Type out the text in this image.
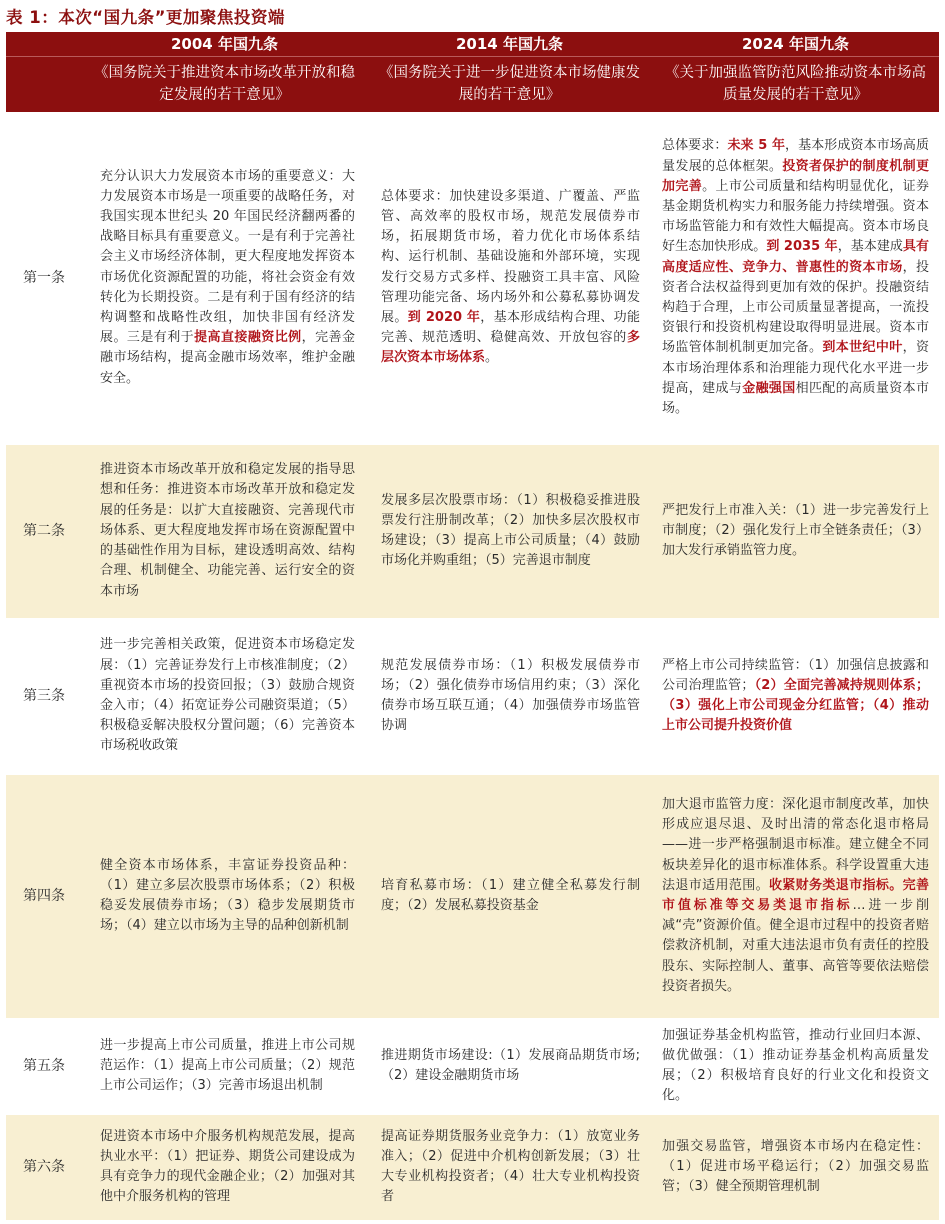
表 1：本次“国九条”更加聚焦投资端
	2004 年国九条	2014 年国九条	2024 年国九条
	《国务院关于推进资本市场改革开放和稳定发展的若干意见》	《国务院关于进一步促进资本市场健康发展的若干意见》	《关于加强监管防范风险推动资本市场高质量发展的若干意见》
第一条	充分认识大力发展资本市场的重要意义：大力发展资本市场是一项重要的战略任务，对我国实现本世纪头 20 年国民经济翻两番的战略目标具有重要意义。一是有利于完善社会主义市场经济体制，更大程度地发挥资本市场优化资源配置的功能，将社会资金有效转化为长期投资。二是有利于国有经济的结构调整和战略性改组，加快非国有经济发展。三是有利于提高直接融资比例，完善金融市场结构，提高金融市场效率，维护金融安全。	总体要求：加快建设多渠道、广覆盖、严监管、高效率的股权市场，规范发展债券市场，拓展期货市场，着力优化市场体系结构、运行机制、基础设施和外部环境，实现发行交易方式多样、投融资工具丰富、风险管理功能完备、场内场外和公募私募协调发展。到 2020 年，基本形成结构合理、功能完善、规范透明、稳健高效、开放包容的多层次资本市场体系。	总体要求：未来 5 年，基本形成资本市场高质量发展的总体框架。投资者保护的制度机制更加完善。上市公司质量和结构明显优化，证券基金期货机构实力和服务能力持续增强。资本市场监管能力和有效性大幅提高。资本市场良好生态加快形成。到 2035 年，基本建成具有高度适应性、竞争力、普惠性的资本市场，投资者合法权益得到更加有效的保护。投融资结构趋于合理，上市公司质量显著提高，一流投资银行和投资机构建设取得明显进展。资本市场监管体制机制更加完备。到本世纪中叶，资本市场治理体系和治理能力现代化水平进一步提高，建成与金融强国相匹配的高质量资本市场。
第二条	推进资本市场改革开放和稳定发展的指导思想和任务：推进资本市场改革开放和稳定发展的任务是：以扩大直接融资、完善现代市场体系、更大程度地发挥市场在资源配置中的基础性作用为目标，建设透明高效、结构合理、机制健全、功能完善、运行安全的资本市场	发展多层次股票市场：（1）积极稳妥推进股票发行注册制改革；（2）加快多层次股权市场建设；（3）提高上市公司质量；（4）鼓励市场化并购重组；（5）完善退市制度	严把发行上市准入关：（1）进一步完善发行上市制度；（2）强化发行上市全链条责任；（3）加大发行承销监管力度。
第三条	进一步完善相关政策，促进资本市场稳定发展：（1）完善证券发行上市核准制度；（2）重视资本市场的投资回报；（3）鼓励合规资金入市；（4）拓宽证券公司融资渠道；（5）积极稳妥解决股权分置问题；（6）完善资本市场税收政策	规范发展债券市场：（1）积极发展债券市场；（2）强化债券市场信用约束；（3）深化债券市场互联互通；（4）加强债券市场监管协调	严格上市公司持续监管：（1）加强信息披露和公司治理监管；（2）全面完善减持规则体系；（3）强化上市公司现金分红监管；（4）推动上市公司提升投资价值
第四条	健全资本市场体系，丰富证券投资品种：（1）建立多层次股票市场体系；（2）积极稳妥发展债券市场；（3）稳步发展期货市场；（4）建立以市场为主导的品种创新机制	培育私募市场：（1）建立健全私募发行制度；（2）发展私募投资基金	加大退市监管力度：深化退市制度改革，加快形成应退尽退、及时出清的常态化退市格局——进一步严格强制退市标准。建立健全不同板块差异化的退市标准体系。科学设置重大违法退市适用范围。收紧财务类退市指标。完善市值标准等交易类退市指标…进一步削减“壳”资源价值。健全退市过程中的投资者赔偿救济机制，对重大违法退市负有责任的控股股东、实际控制人、董事、高管等要依法赔偿投资者损失。
第五条	进一步提高上市公司质量，推进上市公司规范运作：（1）提高上市公司质量；（2）规范上市公司运作；（3）完善市场退出机制	推进期货市场建设:（1）发展商品期货市场;（2）建设金融期货市场	加强证券基金机构监管，推动行业回归本源、做优做强：（1）推动证券基金机构高质量发展；（2）积极培育良好的行业文化和投资文化。
第六条	促进资本市场中介服务机构规范发展，提高执业水平：（1）把证券、期货公司建设成为具有竞争力的现代金融企业；（2）加强对其他中介服务机构的管理	提高证券期货服务业竞争力：（1）放宽业务准入；（2）促进中介机构创新发展；（3）壮大专业机构投资者；（4）壮大专业机构投资者	加强交易监管，增强资本市场内在稳定性：（1）促进市场平稳运行；（2）加强交易监管；（3）健全预期管理机制
